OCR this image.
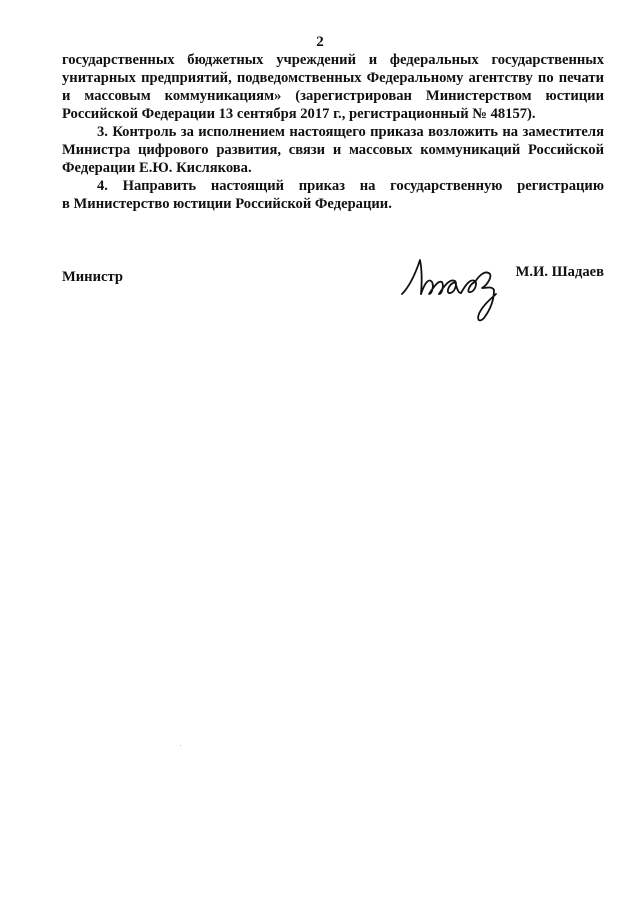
2

государственных бюджетных учреждений и федеральных государственных
унитарных предприятий, подведомственных Федеральному агентству по печати
и массовым коммуникациям» (зарегистрирован Министерством юстиции
Российской Федерации 13 сентября 2017 г., регистрационный № 48157).

3. Контроль за исполнением настоящего приказа возложить на заместителя
Министра цифрового развития, связи и массовых коммуникаций Российской
Федерации Е.Ю. Кислякова.

4. Направить настоящий приказ на государственную регистрацию
в Министерство юстиции Российской Федерации.

Министр	М.И. Шадаев
